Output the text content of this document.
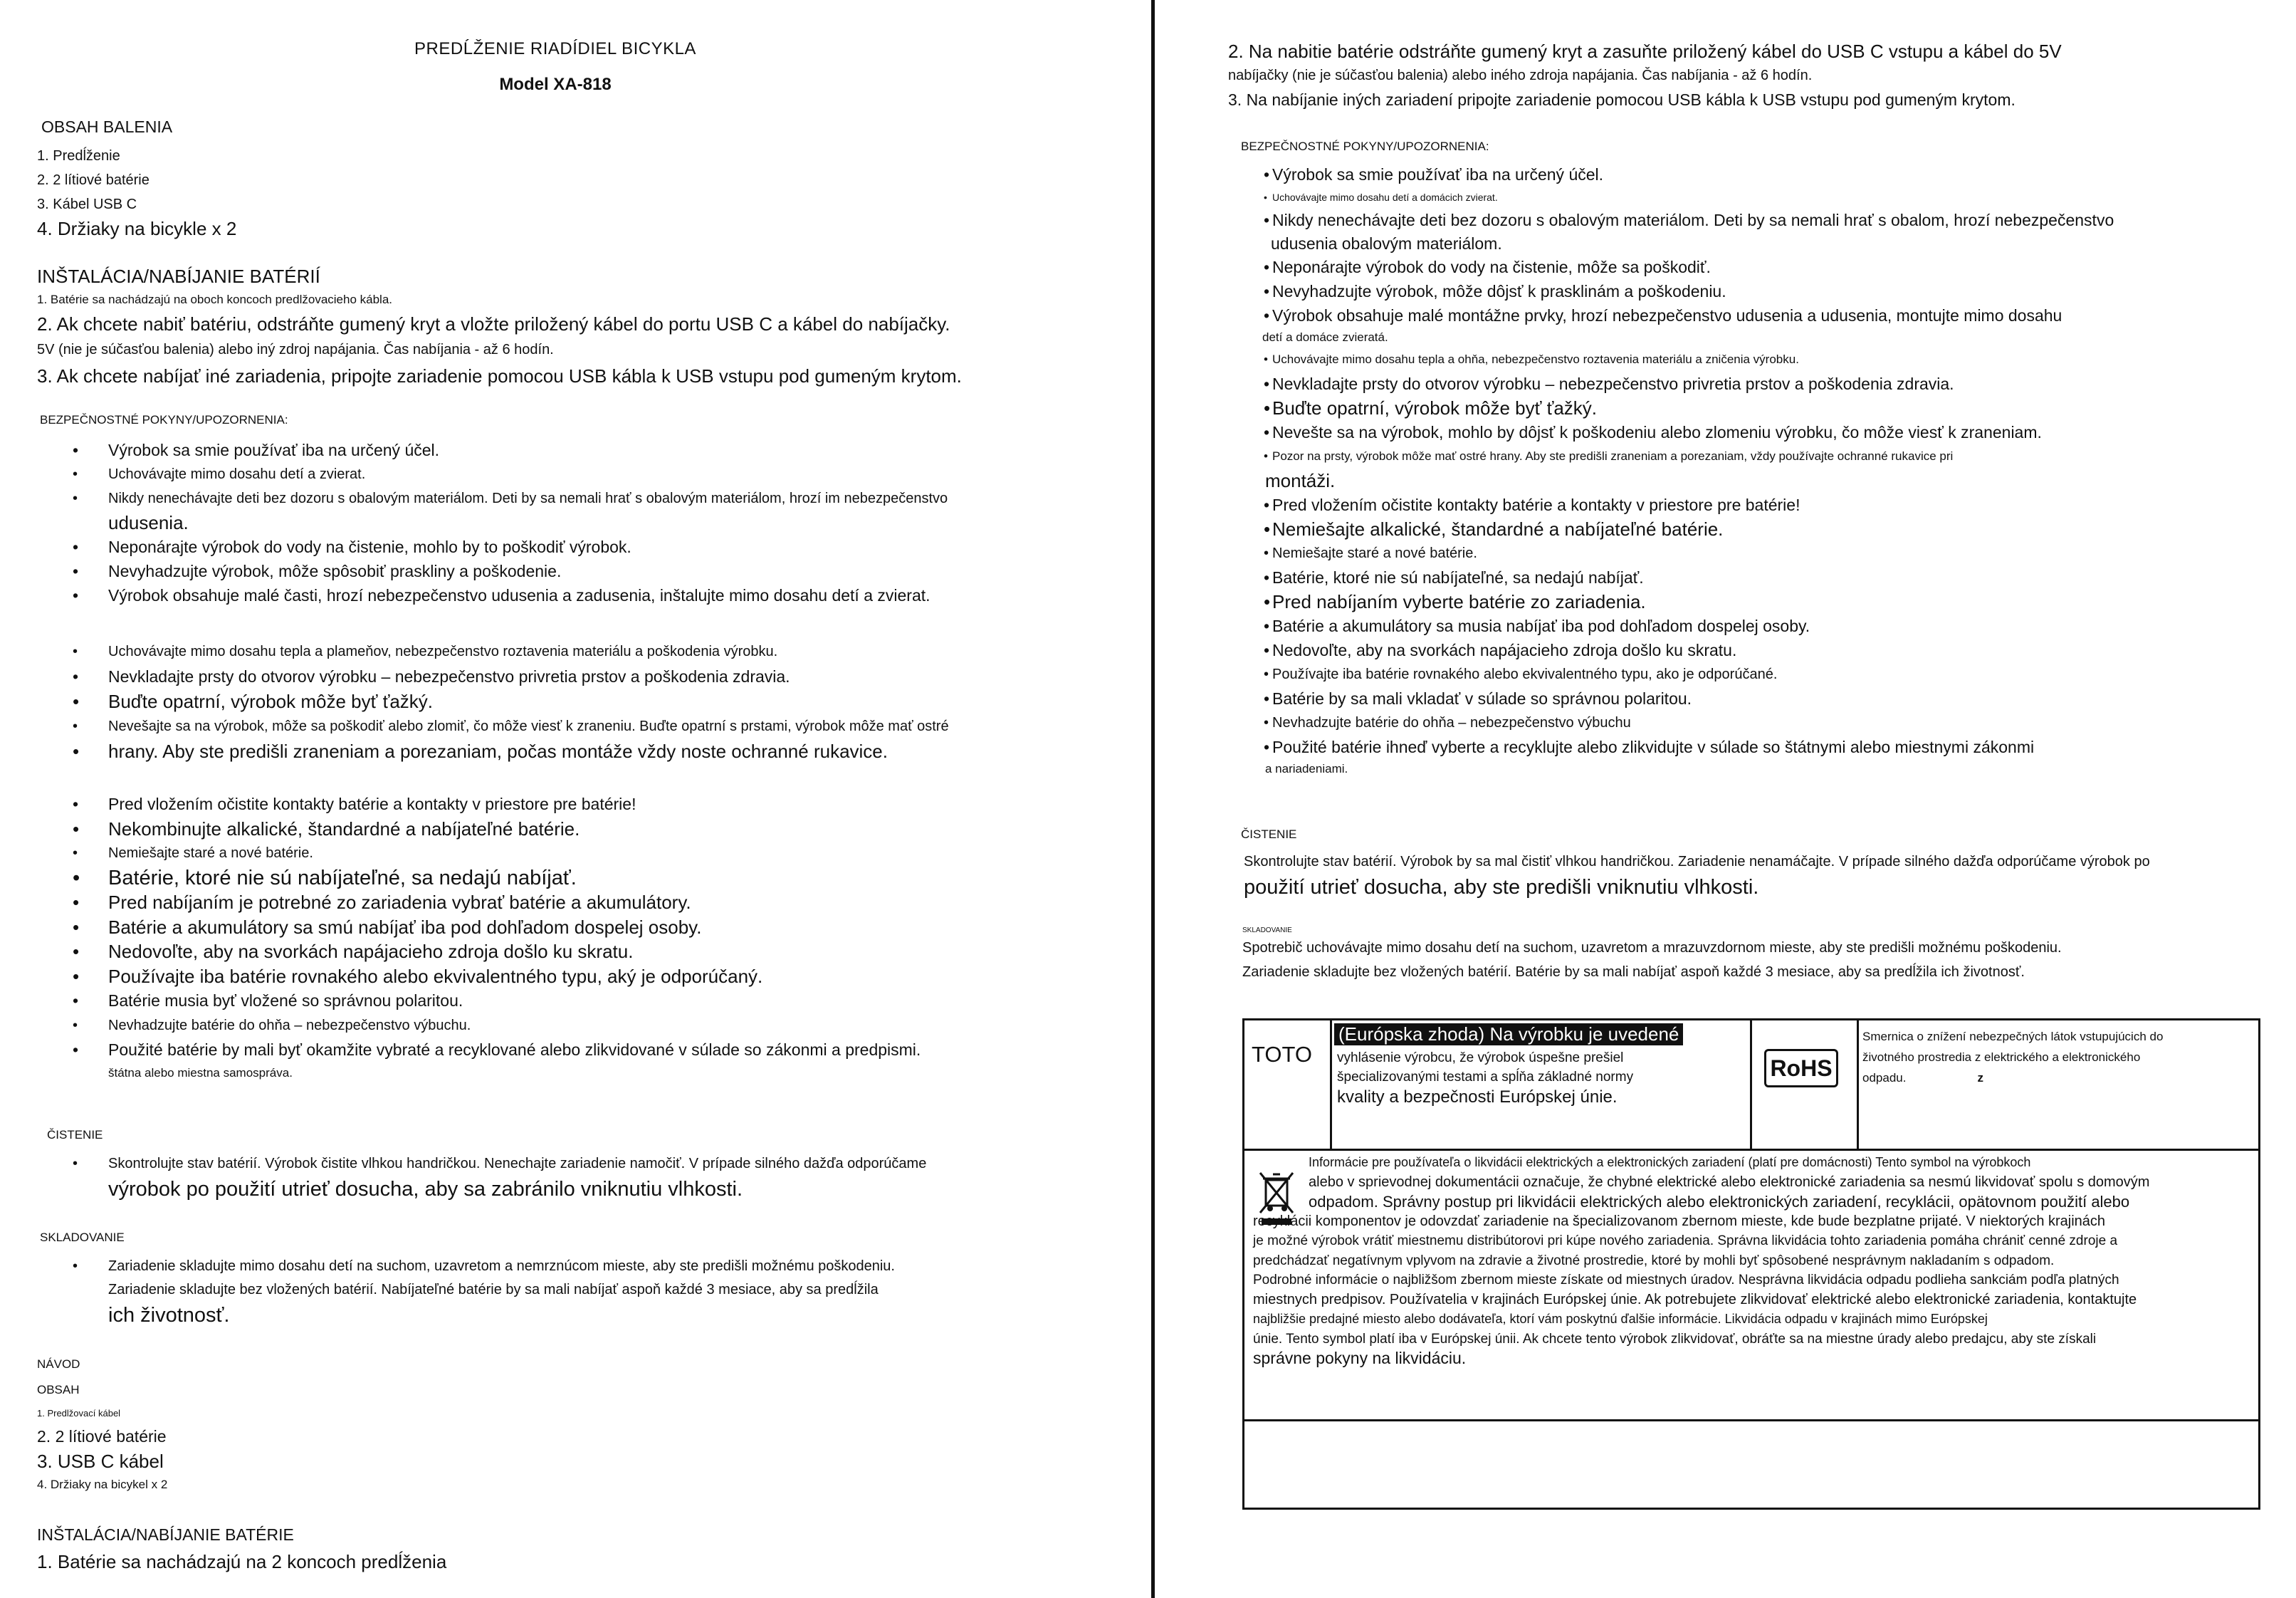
PREDĹŽENIE RIADÍDIEL BICYKLA

Model XA-818

OBSAH BALENIA

1. Predĺženie

2. 2 lítiové batérie

3. Kábel USB C

4. Držiaky na bicykle x 2

INŠTALÁCIA/NABÍJANIE BATÉRIÍ

1. Batérie sa nachádzajú na oboch koncoch predlžovacieho kábla.

2. Ak chcete nabiť batériu, odstráňte gumený kryt a vložte priložený kábel do portu USB C a kábel do nabíjačky.

5V (nie je súčasťou balenia) alebo iný zdroj napájania. Čas nabíjania - až 6 hodín.

3. Ak chcete nabíjať iné zariadenia, pripojte zariadenie pomocou USB kábla k USB vstupu pod gumeným krytom.

BEZPEČNOSTNÉ POKYNY/UPOZORNENIA:

• Výrobok sa smie používať iba na určený účel.
• Uchovávajte mimo dosahu detí a zvierat.
• Nikdy nenechávajte deti bez dozoru s obalovým materiálom. Deti by sa nemali hrať s obalovým materiálom, hrozí im nebezpečenstvo

udusenia.

• Neponárajte výrobok do vody na čistenie, mohlo by to poškodiť výrobok.
• Nevyhadzujte výrobok, môže spôsobiť praskliny a poškodenie.
• Výrobok obsahuje malé časti, hrozí nebezpečenstvo udusenia a zadusenia, inštalujte mimo dosahu detí a zvierat.
• Uchovávajte mimo dosahu tepla a plameňov, nebezpečenstvo roztavenia materiálu a poškodenia výrobku.
• Nevkladajte prsty do otvorov výrobku – nebezpečenstvo privretia prstov a poškodenia zdravia.
• Buďte opatrní, výrobok môže byť ťažký.
• Nevešajte sa na výrobok, môže sa poškodiť alebo zlomiť, čo môže viesť k zraneniu. Buďte opatrní s prstami, výrobok môže mať ostré
• hrany. Aby ste predišli zraneniam a porezaniam, počas montáže vždy noste ochranné rukavice.
• Pred vložením očistite kontakty batérie a kontakty v priestore pre batérie!
• Nekombinujte alkalické, štandardné a nabíjateľné batérie.
• Nemiešajte staré a nové batérie.
• Batérie, ktoré nie sú nabíjateľné, sa nedajú nabíjať.
• Pred nabíjaním je potrebné zo zariadenia vybrať batérie a akumulátory.
• Batérie a akumulátory sa smú nabíjať iba pod dohľadom dospelej osoby.
• Nedovoľte, aby na svorkách napájacieho zdroja došlo ku skratu.
• Používajte iba batérie rovnakého alebo ekvivalentného typu, aký je odporúčaný.
• Batérie musia byť vložené so správnou polaritou.
• Nevhadzujte batérie do ohňa – nebezpečenstvo výbuchu.
• Použité batérie by mali byť okamžite vybraté a recyklované alebo zlikvidované v súlade so zákonmi a predpismi.

štátna alebo miestna samospráva.

ČISTENIE

• Skontrolujte stav batérií. Výrobok čistite vlhkou handričkou. Nenechajte zariadenie namočiť. V prípade silného dažďa odporúčame

výrobok po použití utrieť dosucha, aby sa zabránilo vniknutiu vlhkosti.

SKLADOVANIE

• Zariadenie skladujte mimo dosahu detí na suchom, uzavretom a nemrznúcom mieste, aby ste predišli možnému poškodeniu.

Zariadenie skladujte bez vložených batérií. Nabíjateľné batérie by sa mali nabíjať aspoň každé 3 mesiace, aby sa predĺžila

ich životnosť.

NÁVOD

OBSAH

1. Predlžovací kábel

2. 2 lítiové batérie

3. USB C kábel

4. Držiaky na bicykel x 2

INŠTALÁCIA/NABÍJANIE BATÉRIE

1. Batérie sa nachádzajú na 2 koncoch predĺženia

2. Na nabitie batérie odstráňte gumený kryt a zasuňte priložený kábel do USB C vstupu a kábel do 5V

nabíjačky (nie je súčasťou balenia) alebo iného zdroja napájania. Čas nabíjania - až 6 hodín.

3. Na nabíjanie iných zariadení pripojte zariadenie pomocou USB kábla k USB vstupu pod gumeným krytom.

BEZPEČNOSTNÉ POKYNY/UPOZORNENIA:

• Výrobok sa smie používať iba na určený účel.
• Uchovávajte mimo dosahu detí a domácich zvierat.
• Nikdy nenechávajte deti bez dozoru s obalovým materiálom. Deti by sa nemali hrať s obalom, hrozí nebezpečenstvo

udusenia obalovým materiálom.

• Neponárajte výrobok do vody na čistenie, môže sa poškodiť.
• Nevyhadzujte výrobok, môže dôjsť k prasklinám a poškodeniu.
• Výrobok obsahuje malé montážne prvky, hrozí nebezpečenstvo udusenia a udusenia, montujte mimo dosahu

detí a domáce zvieratá.

• Uchovávajte mimo dosahu tepla a ohňa, nebezpečenstvo roztavenia materiálu a zničenia výrobku.
• Nevkladajte prsty do otvorov výrobku – nebezpečenstvo privretia prstov a poškodenia zdravia.
• Buďte opatrní, výrobok môže byť ťažký.
• Nevešte sa na výrobok, mohlo by dôjsť k poškodeniu alebo zlomeniu výrobku, čo môže viesť k zraneniam.
• Pozor na prsty, výrobok môže mať ostré hrany. Aby ste predišli zraneniam a porezaniam, vždy používajte ochranné rukavice pri

montáži.

• Pred vložením očistite kontakty batérie a kontakty v priestore pre batérie!
• Nemiešajte alkalické, štandardné a nabíjateľné batérie.
• Nemiešajte staré a nové batérie.
• Batérie, ktoré nie sú nabíjateľné, sa nedajú nabíjať.
• Pred nabíjaním vyberte batérie zo zariadenia.
• Batérie a akumulátory sa musia nabíjať iba pod dohľadom dospelej osoby.
• Nedovoľte, aby na svorkách napájacieho zdroja došlo ku skratu.
• Používajte iba batérie rovnakého alebo ekvivalentného typu, ako je odporúčané.
• Batérie by sa mali vkladať v súlade so správnou polaritou.
• Nevhadzujte batérie do ohňa – nebezpečenstvo výbuchu
• Použité batérie ihneď vyberte a recyklujte alebo zlikvidujte v súlade so štátnymi alebo miestnymi zákonmi

a nariadeniami.

ČISTENIE

Skontrolujte stav batérií. Výrobok by sa mal čistiť vlhkou handričkou. Zariadenie nenamáčajte. V prípade silného dažďa odporúčame výrobok po

použití utrieť dosucha, aby ste predišli vniknutiu vlhkosti.

SKLADOVANIE

Spotrebič uchovávajte mimo dosahu detí na suchom, uzavretom a mrazuvzdornom mieste, aby ste predišli možnému poškodeniu.

Zariadenie skladujte bez vložených batérií. Batérie by sa mali nabíjať aspoň každé 3 mesiace, aby sa predĺžila ich životnosť.

TOTO
(Európska zhoda) Na výrobku je uvedené
vyhlásenie výrobcu, že výrobok úspešne prešiel
špecializovanými testami a spĺňa základné normy
kvality a bezpečnosti Európskej únie.
RoHS
Smernica o znížení nebezpečných látok vstupujúcich do
životného prostredia z elektrického a elektronického
odpadu.	z
Informácie pre používateľa o likvidácii elektrických a elektronických zariadení (platí pre domácnosti) Tento symbol na výrobkoch
alebo v sprievodnej dokumentácii označuje, že chybné elektrické alebo elektronické zariadenia sa nesmú likvidovať spolu s domovým
odpadom. Správny postup pri likvidácii elektrických alebo elektronických zariadení, recyklácii, opätovnom použití alebo
recyklácii komponentov je odovzdať zariadenie na špecializovanom zbernom mieste, kde bude bezplatne prijaté. V niektorých krajinách
je možné výrobok vrátiť miestnemu distribútorovi pri kúpe nového zariadenia. Správna likvidácia tohto zariadenia pomáha chrániť cenné zdroje a
predchádzať negatívnym vplyvom na zdravie a životné prostredie, ktoré by mohli byť spôsobené nesprávnym nakladaním s odpadom.
Podrobné informácie o najbližšom zbernom mieste získate od miestnych úradov. Nesprávna likvidácia odpadu podlieha sankciám podľa platných
miestnych predpisov. Používatelia v krajinách Európskej únie. Ak potrebujete zlikvidovať elektrické alebo elektronické zariadenia, kontaktujte
najbližšie predajné miesto alebo dodávateľa, ktorí vám poskytnú ďalšie informácie. Likvidácia odpadu v krajinách mimo Európskej
únie. Tento symbol platí iba v Európskej únii. Ak chcete tento výrobok zlikvidovať, obráťte sa na miestne úrady alebo predajcu, aby ste získali
správne pokyny na likvidáciu.
